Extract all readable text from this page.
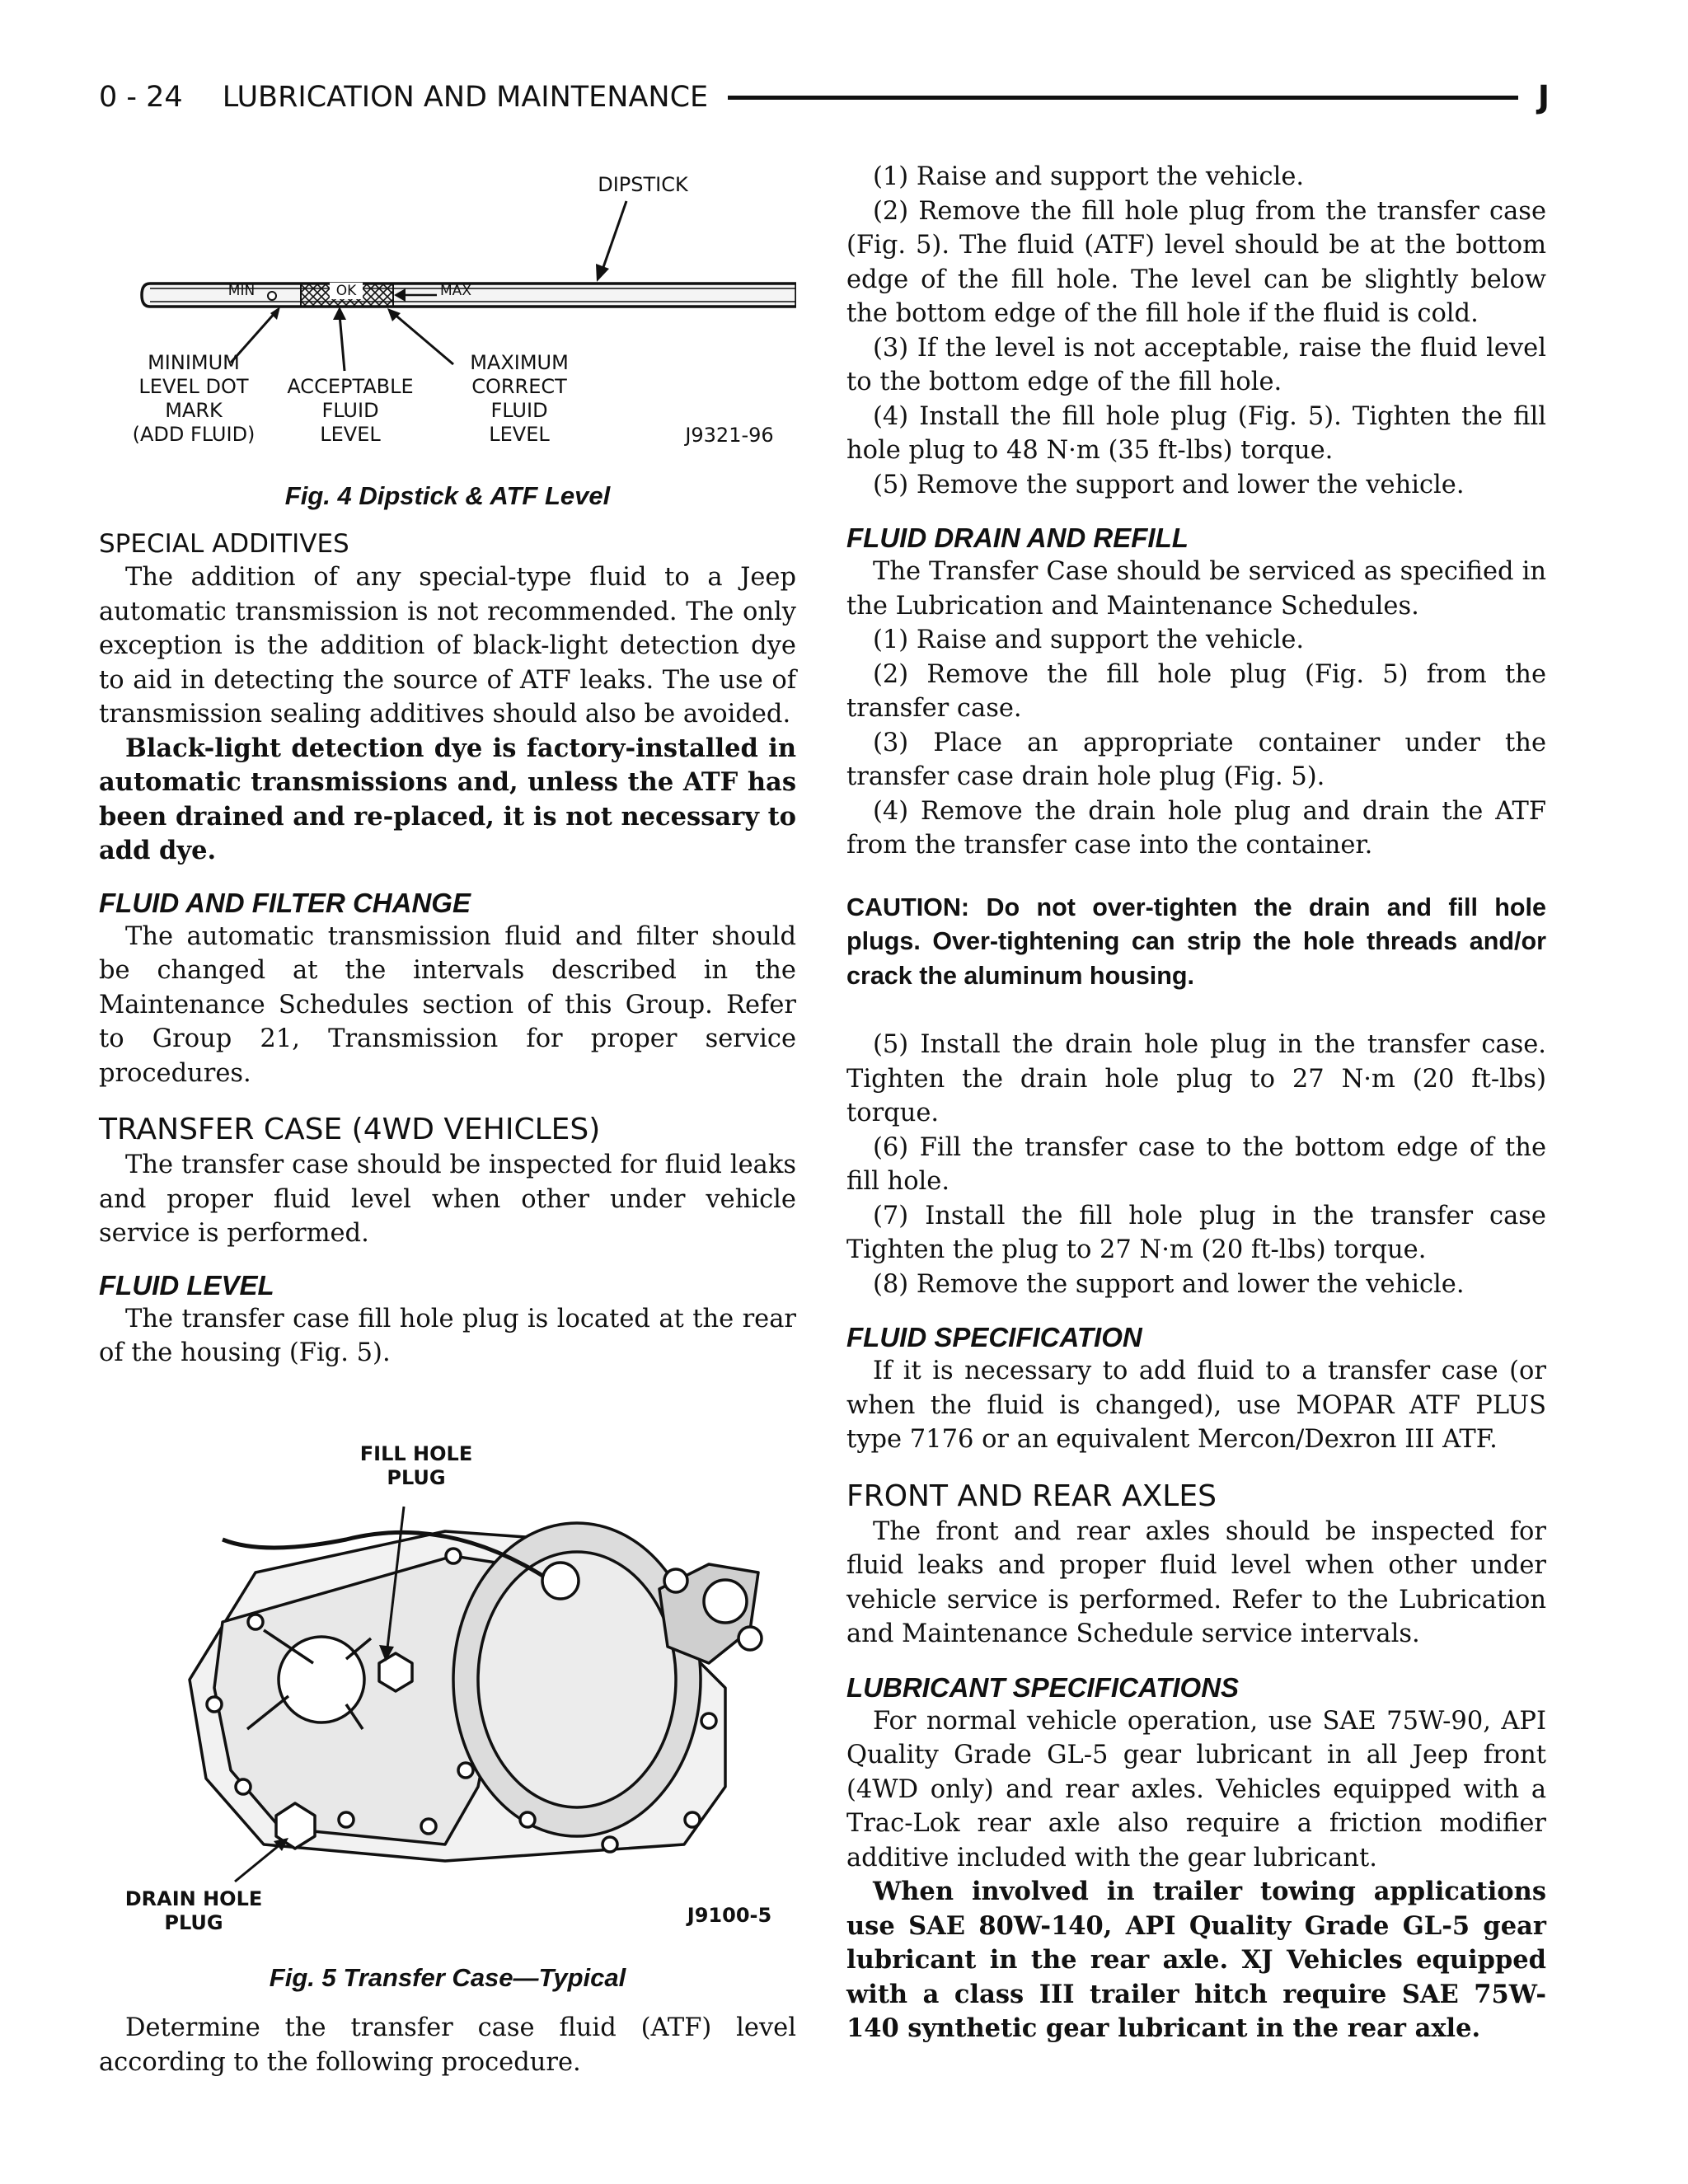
0 - 24 LUBRICATION AND MAINTENANCE	J
MIN	OK	MAX
DIPSTICK
MINIMUM
LEVEL DOT
MARK
(ADD FLUID)
ACCEPTABLE
FLUID
LEVEL
MAXIMUM
CORRECT
FLUID
LEVEL	J9321-96
Fig. 4 Dipstick & ATF Level
SPECIAL ADDITIVES

The addition of any special-type fluid to a Jeep automatic transmission is not recommended. The only exception is the addition of black-light detection dye to aid in detecting the source of ATF leaks. The use of transmission sealing additives should also be avoided.

Black-light detection dye is factory-installed in automatic transmissions and, unless the ATF has been drained and re-placed, it is not necessary to add dye.

FLUID AND FILTER CHANGE

The automatic transmission fluid and filter should be changed at the intervals described in the Maintenance Schedules section of this Group. Refer to Group 21, Transmission for proper service procedures.

TRANSFER CASE (4WD VEHICLES)

The transfer case should be inspected for fluid leaks and proper fluid level when other under vehicle service is performed.

FLUID LEVEL

The transfer case fill hole plug is located at the rear of the housing (Fig. 5).

FILL HOLE
PLUG
DRAIN HOLE
PLUG	J9100-5
Fig. 5 Transfer Case—Typical

Determine the transfer case fluid (ATF) level according to the following procedure.

(1) Raise and support the vehicle.

(2) Remove the fill hole plug from the transfer case (Fig. 5). The fluid (ATF) level should be at the bottom edge of the fill hole. The level can be slightly below the bottom edge of the fill hole if the fluid is cold.

(3) If the level is not acceptable, raise the fluid level to the bottom edge of the fill hole.

(4) Install the fill hole plug (Fig. 5). Tighten the fill hole plug to 48 N·m (35 ft-lbs) torque.

(5) Remove the support and lower the vehicle.

FLUID DRAIN AND REFILL

The Transfer Case should be serviced as specified in the Lubrication and Maintenance Schedules.

(1) Raise and support the vehicle.

(2) Remove the fill hole plug (Fig. 5) from the transfer case.

(3) Place an appropriate container under the transfer case drain hole plug (Fig. 5).

(4) Remove the drain hole plug and drain the ATF from the transfer case into the container.

CAUTION: Do not over-tighten the drain and fill hole plugs. Over-tightening can strip the hole threads and/or crack the aluminum housing.

(5) Install the drain hole plug in the transfer case. Tighten the drain hole plug to 27 N·m (20 ft-lbs) torque.

(6) Fill the transfer case to the bottom edge of the fill hole.

(7) Install the fill hole plug in the transfer case Tighten the plug to 27 N·m (20 ft-lbs) torque.

(8) Remove the support and lower the vehicle.

FLUID SPECIFICATION

If it is necessary to add fluid to a transfer case (or when the fluid is changed), use MOPAR ATF PLUS type 7176 or an equivalent Mercon/Dexron III ATF.

FRONT AND REAR AXLES

The front and rear axles should be inspected for fluid leaks and proper fluid level when other under vehicle service is performed. Refer to the Lubrication and Maintenance Schedule service intervals.

LUBRICANT SPECIFICATIONS

For normal vehicle operation, use SAE 75W-90, API Quality Grade GL-5 gear lubricant in all Jeep front (4WD only) and rear axles. Vehicles equipped with a Trac-Lok rear axle also require a friction modifier additive included with the gear lubricant.

When involved in trailer towing applications use SAE 80W-140, API Quality Grade GL-5 gear lubricant in the rear axle. XJ Vehicles equipped with a class III trailer hitch require SAE 75W-140 synthetic gear lubricant in the rear axle.
